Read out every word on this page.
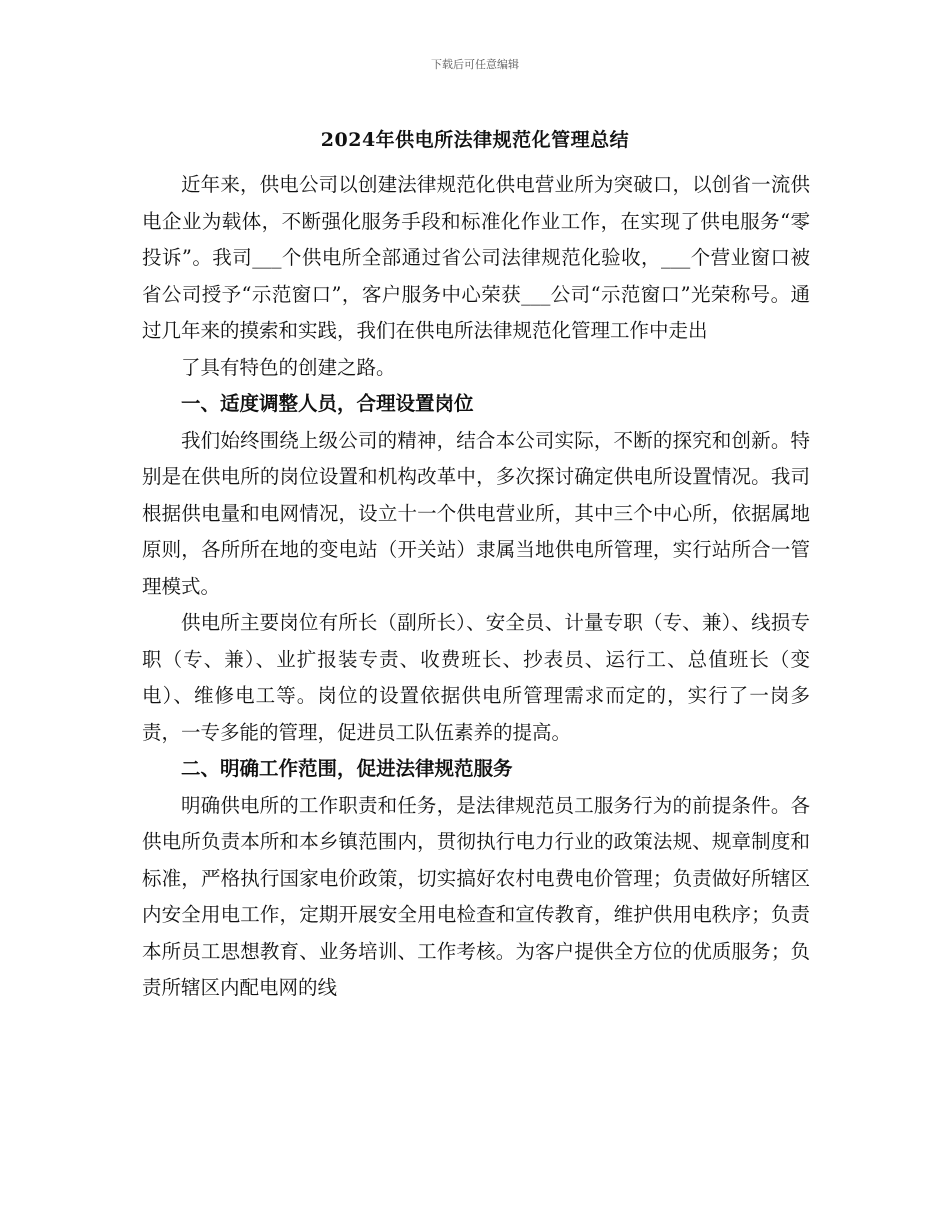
下载后可任意编辑
2024年供电所法律规范化管理总结

近年来，供电公司以创建法律规范化供电营业所为突破口，以创省一流供电企业为载体，不断强化服务手段和标准化作业工作，在实现了供电服务“零投诉”。我司___个供电所全部通过省公司法律规范化验收，___个营业窗口被省公司授予“示范窗口”，客户服务中心荣获___公司“示范窗口”光荣称号。通过几年来的摸索和实践，我们在供电所法律规范化管理工作中走出

了具有特色的创建之路。

一、适度调整人员，合理设置岗位

我们始终围绕上级公司的精神，结合本公司实际，不断的探究和创新。特别是在供电所的岗位设置和机构改革中，多次探讨确定供电所设置情况。我司根据供电量和电网情况，设立十一个供电营业所，其中三个中心所，依据属地原则，各所所在地的变电站（开关站）隶属当地供电所管理，实行站所合一管理模式。

供电所主要岗位有所长（副所长）、安全员、计量专职（专、兼）、线损专职（专、兼）、业扩报装专责、收费班长、抄表员、运行工、总值班长（变电）、维修电工等。岗位的设置依据供电所管理需求而定的，实行了一岗多责，一专多能的管理，促进员工队伍素养的提高。

二、明确工作范围，促进法律规范服务

明确供电所的工作职责和任务，是法律规范员工服务行为的前提条件。各供电所负责本所和本乡镇范围内，贯彻执行电力行业的政策法规、规章制度和标准，严格执行国家电价政策，切实搞好农村电费电价管理；负责做好所辖区内安全用电工作，定期开展安全用电检查和宣传教育，维护供用电秩序；负责本所员工思想教育、业务培训、工作考核。为客户提供全方位的优质服务；负责所辖区内配电网的线
